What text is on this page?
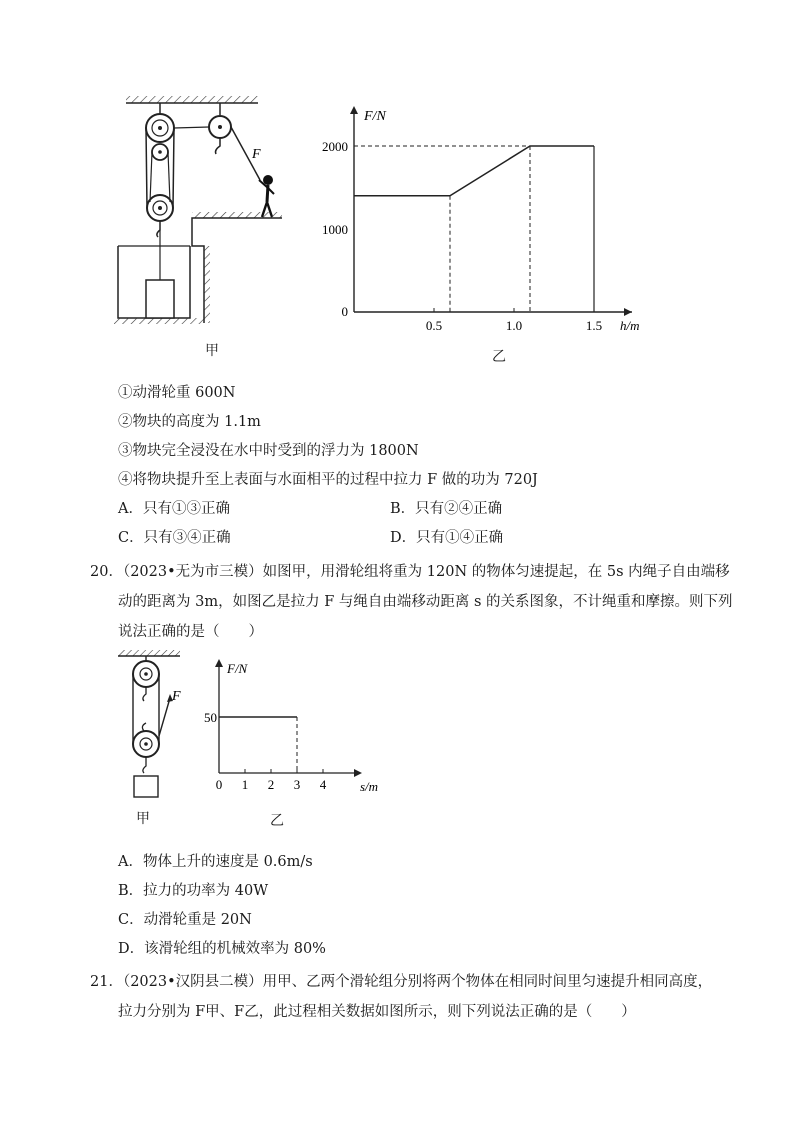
F
甲
F/N
h/m
0
1000
2000
0.5	1.0	1.5
乙
①动滑轮重 600N
②物块的高度为 1.1m
③物块完全浸没在水中时受到的浮力为 1800N
④将物块提升至上表面与水面相平的过程中拉力 F 做的功为 720J
A．只有①③正确	B．只有②④正确
C．只有③④正确	D．只有①④正确
20．（2023•无为市三模）如图甲，用滑轮组将重为 120N 的物体匀速提起，在 5s 内绳子自由端移
动的距离为 3m，如图乙是拉力 F 与绳自由端移动距离 s 的关系图象，不计绳重和摩擦。则下列
说法正确的是（　　）
F
甲
F/N
s/m
50
0 1 2 3 4
乙
A．物体上升的速度是 0.6m/s
B．拉力的功率为 40W
C．动滑轮重是 20N
D．该滑轮组的机械效率为 80%
21．（2023•汉阴县二模）用甲、乙两个滑轮组分别将两个物体在相同时间里匀速提升相同高度，
拉力分别为 F甲、F乙，此过程相关数据如图所示，则下列说法正确的是（　　）
